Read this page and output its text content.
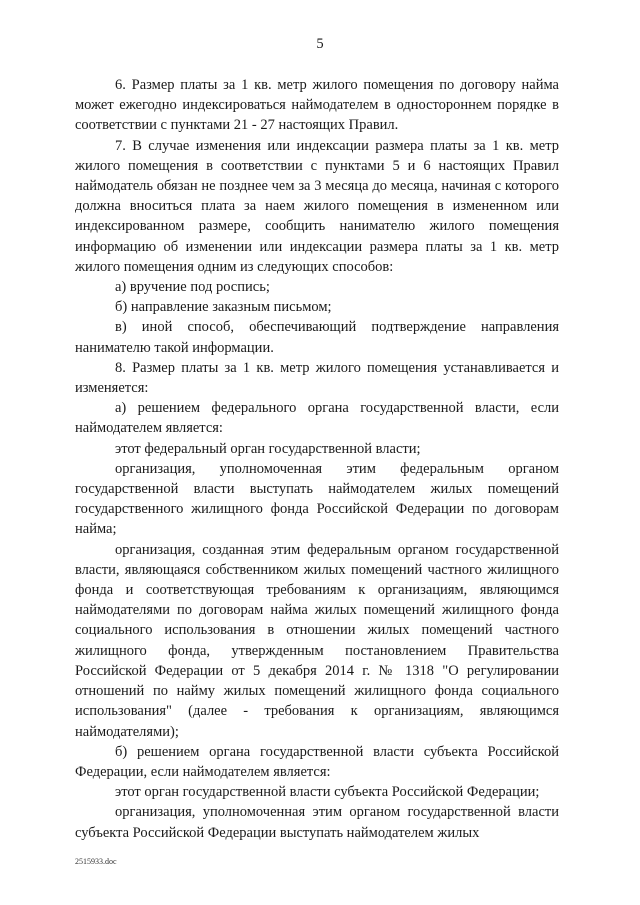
5

6. Размер платы за 1 кв. метр жилого помещения по договору найма может ежегодно индексироваться наймодателем в одностороннем порядке в соответствии с пунктами 21 - 27 настоящих Правил.

7. В случае изменения или индексации размера платы за 1 кв. метр жилого помещения в соответствии с пунктами 5 и 6 настоящих Правил наймодатель обязан не позднее чем за 3 месяца до месяца, начиная с которого должна вноситься плата за наем жилого помещения в измененном или индексированном размере, сообщить нанимателю жилого помещения информацию об изменении или индексации размера платы за 1 кв. метр жилого помещения одним из следующих способов:

а) вручение под роспись;

б) направление заказным письмом;

в) иной способ, обеспечивающий подтверждение направления нанимателю такой информации.

8. Размер платы за 1 кв. метр жилого помещения устанавливается и изменяется:

а) решением федерального органа государственной власти, если наймодателем является:

этот федеральный орган государственной власти;

организация, уполномоченная этим федеральным органом государственной власти выступать наймодателем жилых помещений государственного жилищного фонда Российской Федерации по договорам найма;

организация, созданная этим федеральным органом государственной власти, являющаяся собственником жилых помещений частного жилищного фонда и соответствующая требованиям к организациям, являющимся наймодателями по договорам найма жилых помещений жилищного фонда социального использования в отношении жилых помещений частного жилищного фонда, утвержденным постановлением Правительства Российской Федерации от 5 декабря 2014 г. № 1318 "О регулировании отношений по найму жилых помещений жилищного фонда социального использования" (далее - требования к организациям, являющимся наймодателями);

б) решением органа государственной власти субъекта Российской Федерации, если наймодателем является:

этот орган государственной власти субъекта Российской Федерации;

организация, уполномоченная этим органом государственной власти субъекта Российской Федерации выступать наймодателем жилых

2515933.doc
